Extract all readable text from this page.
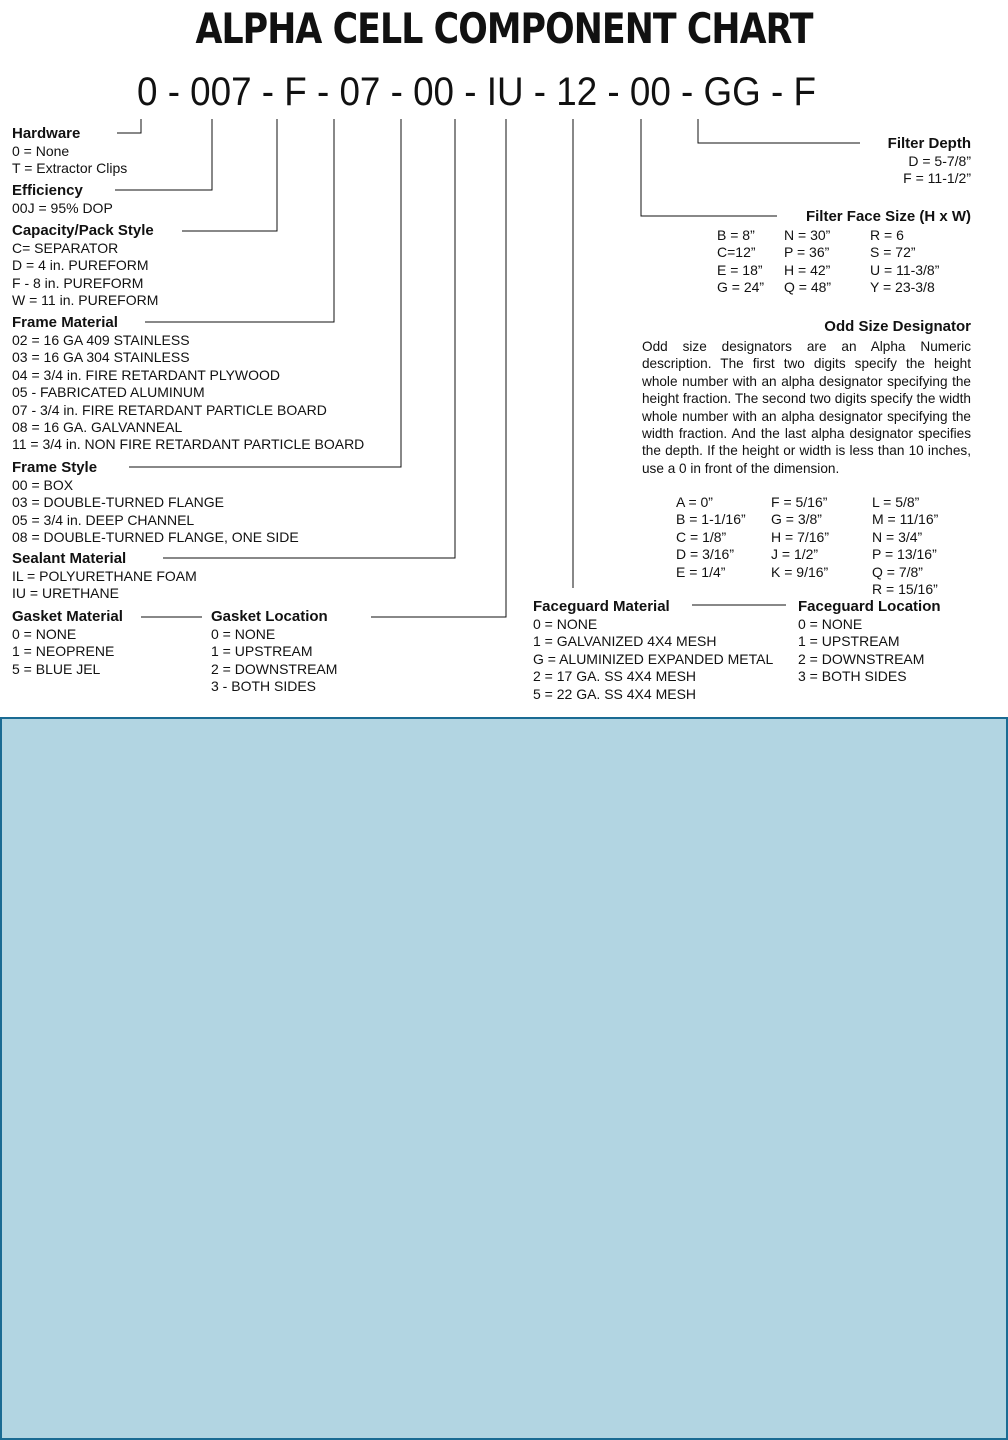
ALPHA CELL COMPONENT CHART
0 - 007 - F - 07 - 00 - IU - 12 - 00 - GG - F
Hardware
0 = None
T = Extractor Clips
Efficiency
00J = 95% DOP
Capacity/Pack Style
C= SEPARATOR
D = 4 in. PUREFORM
F - 8 in. PUREFORM
W = 11 in. PUREFORM
Frame Material
02 = 16 GA 409 STAINLESS
03 = 16 GA 304 STAINLESS
04 = 3/4 in. FIRE RETARDANT PLYWOOD
05 - FABRICATED ALUMINUM
07 - 3/4 in. FIRE RETARDANT PARTICLE BOARD
08 = 16 GA. GALVANNEAL
11 = 3/4 in. NON FIRE RETARDANT PARTICLE BOARD
Frame Style
00 = BOX
03 = DOUBLE-TURNED FLANGE
05 = 3/4 in. DEEP CHANNEL
08 = DOUBLE-TURNED FLANGE, ONE SIDE
Sealant Material
IL = POLYURETHANE FOAM
IU = URETHANE
Gasket Material
0 = NONE
1 = NEOPRENE
5 = BLUE JEL
Gasket Location
0 = NONE
1 = UPSTREAM
2 = DOWNSTREAM
3 - BOTH SIDES
Filter Depth
D = 5-7/8”
F = 11-1/2”
Filter Face Size (H x W)
B = 8”
C=12”
E = 18”
G = 24”
N = 30”
P = 36”
H = 42”
Q = 48”
R = 6
S = 72”
U = 11-3/8”
Y = 23-3/8
Odd Size Designator
Odd size designators are an Alpha Numeric description. The first two digits specify the height whole number with an alpha designator specifying the height fraction. The second two digits specify the width whole number with an alpha designator specifying the width fraction. And the last alpha designator specifies the depth. If the height or width is less than 10 inches, use a 0 in front of the dimension.
A = 0”
B = 1-1/16”
C = 1/8”
D = 3/16”
E = 1/4”
F = 5/16”
G = 3/8”
H = 7/16”
J = 1/2”
K = 9/16”
L = 5/8”
M = 11/16”
N = 3/4”
P = 13/16”
Q = 7/8”
R = 15/16”
Faceguard Material
0 = NONE
1 = GALVANIZED 4X4 MESH
G = ALUMINIZED EXPANDED METAL
2 = 17 GA. SS 4X4 MESH
5 = 22 GA. SS 4X4 MESH
Faceguard Location
0 = NONE
1 = UPSTREAM
2 = DOWNSTREAM
3 = BOTH SIDES
